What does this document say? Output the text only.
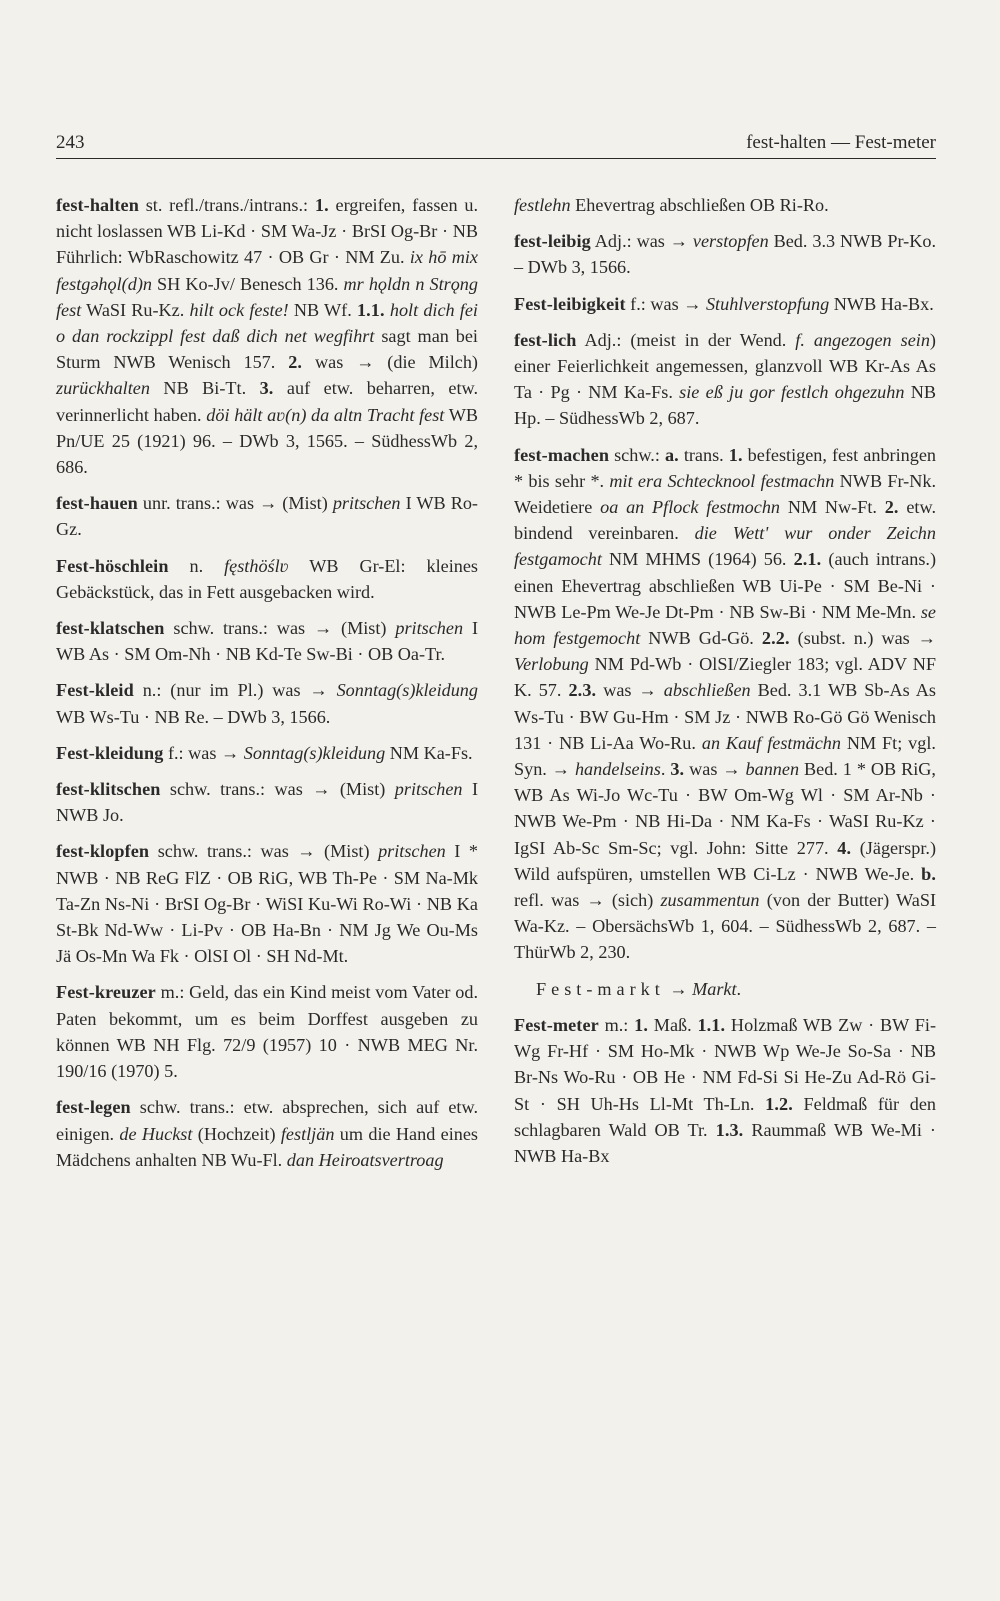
243	fest-halten — Fest-meter

fest-halten st. refl./trans./intrans.: 1. ergreifen, fassen u. nicht loslassen WB Li-Kd · SM Wa-Jz · BrSI Og-Br · NB Führlich: WbRaschowitz 47 · OB Gr · NM Zu. ix hō mix festgəhǫl(d)n SH Ko-Jv/ Benesch 136. mr hǫldn n Strǫng fest WaSI Ru-Kz. hilt ock feste! NB Wf. 1.1. holt dich fei o dan rockzippl fest daß dich net wegfihrt sagt man bei Sturm NWB Wenisch 157. 2. was → (die Milch) zurückhalten NB Bi-Tt. 3. auf etw. beharren, etw. verinnerlicht haben. döi hält aʋ(n) da altn Tracht fest WB Pn/UE 25 (1921) 96. – DWb 3, 1565. – SüdhessWb 2, 686.

fest-hauen unr. trans.: was → (Mist) pritschen I WB Ro-Gz.

Fest-höschlein n. fęsthöślʋ WB Gr-El: kleines Gebäckstück, das in Fett ausgebacken wird.

fest-klatschen schw. trans.: was → (Mist) pritschen I WB As · SM Om-Nh · NB Kd-Te Sw-Bi · OB Oa-Tr.

Fest-kleid n.: (nur im Pl.) was → Sonntag(s)kleidung WB Ws-Tu · NB Re. – DWb 3, 1566.

Fest-kleidung f.: was → Sonntag(s)kleidung NM Ka-Fs.

fest-klitschen schw. trans.: was → (Mist) pritschen I NWB Jo.

fest-klopfen schw. trans.: was → (Mist) pritschen I * NWB · NB ReG FlZ · OB RiG, WB Th-Pe · SM Na-Mk Ta-Zn Ns-Ni · BrSI Og-Br · WiSI Ku-Wi Ro-Wi · NB Ka St-Bk Nd-Ww · Li-Pv · OB Ha-Bn · NM Jg We Ou-Ms Jä Os-Mn Wa Fk · OlSI Ol · SH Nd-Mt.

Fest-kreuzer m.: Geld, das ein Kind meist vom Vater od. Paten bekommt, um es beim Dorffest ausgeben zu können WB NH Flg. 72/9 (1957) 10 · NWB MEG Nr. 190/16 (1970) 5.

fest-legen schw. trans.: etw. absprechen, sich auf etw. einigen. de Huckst (Hochzeit) festljän um die Hand eines Mädchens anhalten NB Wu-Fl. dan Heiroatsvertroag

festlehn Ehevertrag abschließen OB Ri-Ro.

fest-leibig Adj.: was → verstopfen Bed. 3.3 NWB Pr-Ko. – DWb 3, 1566.

Fest-leibigkeit f.: was → Stuhlverstopfung NWB Ha-Bx.

fest-lich Adj.: (meist in der Wend. f. angezogen sein) einer Feierlichkeit angemessen, glanzvoll WB Kr-As As Ta · Pg · NM Ka-Fs. sie eß ju gor festlch ohgezuhn NB Hp. – SüdhessWb 2, 687.

fest-machen schw.: a. trans. 1. befestigen, fest anbringen * bis sehr *. mit era Schtecknool festmachn NWB Fr-Nk. Weidetiere oa an Pflock festmochn NM Nw-Ft. 2. etw. bindend vereinbaren. die Wett' wur onder Zeichn festgamocht NM MHMS (1964) 56. 2.1. (auch intrans.) einen Ehevertrag abschließen WB Ui-Pe · SM Be-Ni · NWB Le-Pm We-Je Dt-Pm · NB Sw-Bi · NM Me-Mn. se hom festgemocht NWB Gd-Gö. 2.2. (subst. n.) was → Verlobung NM Pd-Wb · OlSI/Ziegler 183; vgl. ADV NF K. 57. 2.3. was → abschließen Bed. 3.1 WB Sb-As As Ws-Tu · BW Gu-Hm · SM Jz · NWB Ro-Gö Gö Wenisch 131 · NB Li-Aa Wo-Ru. an Kauf festmächn NM Ft; vgl. Syn. → handelseins. 3. was → bannen Bed. 1 * OB RiG, WB As Wi-Jo Wc-Tu · BW Om-Wg Wl · SM Ar-Nb · NWB We-Pm · NB Hi-Da · NM Ka-Fs · WaSI Ru-Kz · IgSI Ab-Sc Sm-Sc; vgl. John: Sitte 277. 4. (Jägerspr.) Wild aufspüren, umstellen WB Ci-Lz · NWB We-Je. b. refl. was → (sich) zusammentun (von der Butter) WaSI Wa-Kz. – ObersächsWb 1, 604. – SüdhessWb 2, 687. – ThürWb 2, 230.

Fest-markt → Markt.

Fest-meter m.: 1. Maß. 1.1. Holzmaß WB Zw · BW Fi-Wg Fr-Hf · SM Ho-Mk · NWB Wp We-Je So-Sa · NB Br-Ns Wo-Ru · OB He · NM Fd-Si Si He-Zu Ad-Rö Gi-St · SH Uh-Hs Ll-Mt Th-Ln. 1.2. Feldmaß für den schlagbaren Wald OB Tr. 1.3. Raummaß WB We-Mi · NWB Ha-Bx
